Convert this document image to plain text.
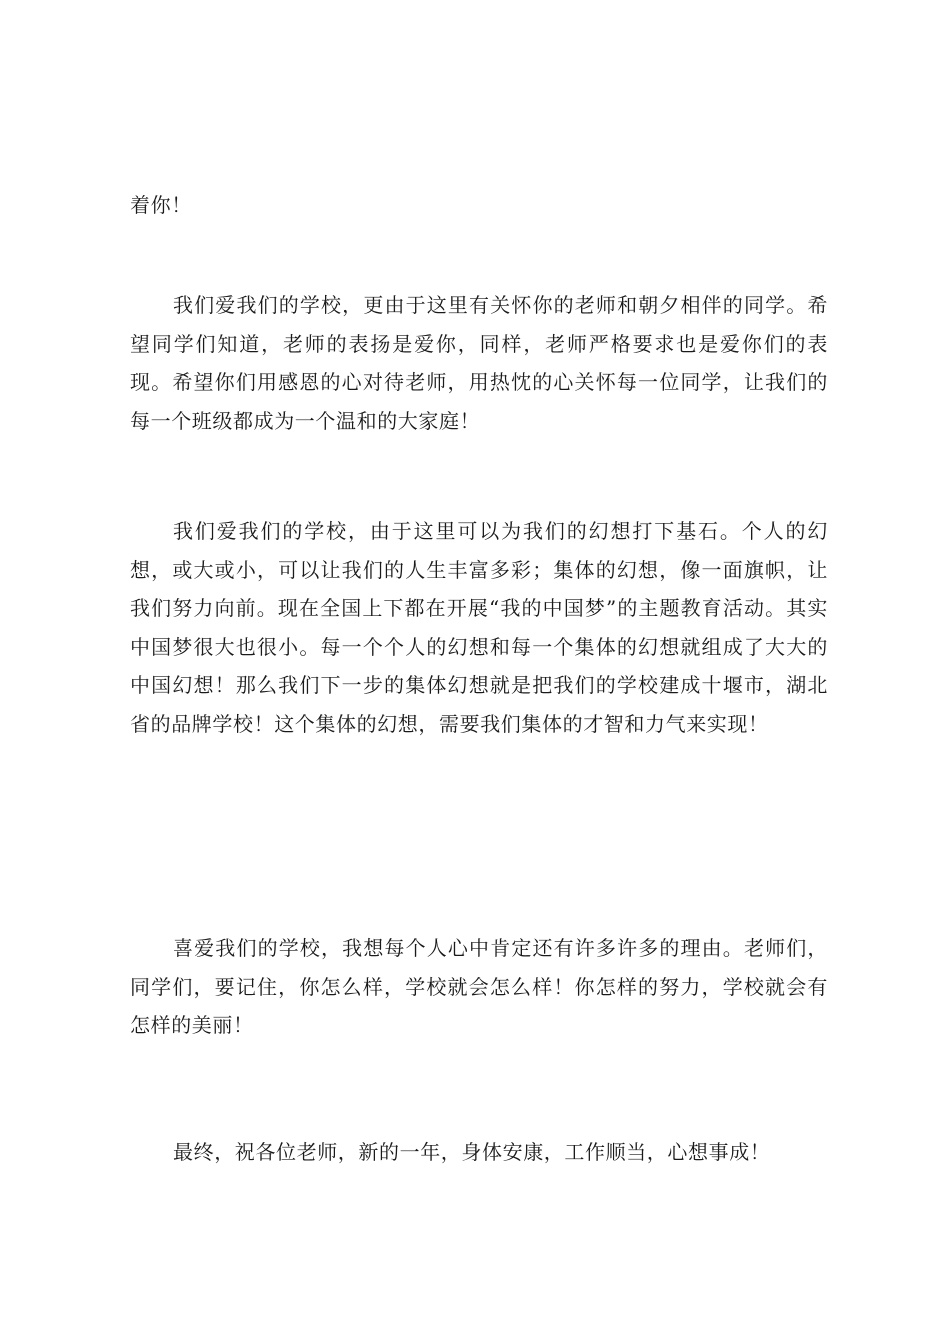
着你！

我们爱我们的学校，更由于这里有关怀你的老师和朝夕相伴的同学。希望同学们知道，老师的表扬是爱你，同样，老师严格要求也是爱你们的表现。希望你们用感恩的心对待老师，用热忱的心关怀每一位同学，让我们的每一个班级都成为一个温和的大家庭！

我们爱我们的学校，由于这里可以为我们的幻想打下基石。个人的幻想，或大或小，可以让我们的人生丰富多彩；集体的幻想，像一面旗帜，让我们努力向前。现在全国上下都在开展“我的中国梦”的主题教育活动。其实中国梦很大也很小。每一个个人的幻想和每一个集体的幻想就组成了大大的中国幻想！那么我们下一步的集体幻想就是把我们的学校建成十堰市，湖北省的品牌学校！这个集体的幻想，需要我们集体的才智和力气来实现！

喜爱我们的学校，我想每个人心中肯定还有许多许多的理由。老师们，同学们，要记住，你怎么样，学校就会怎么样！你怎样的努力，学校就会有怎样的美丽！

最终，祝各位老师，新的一年，身体安康，工作顺当，心想事成！
